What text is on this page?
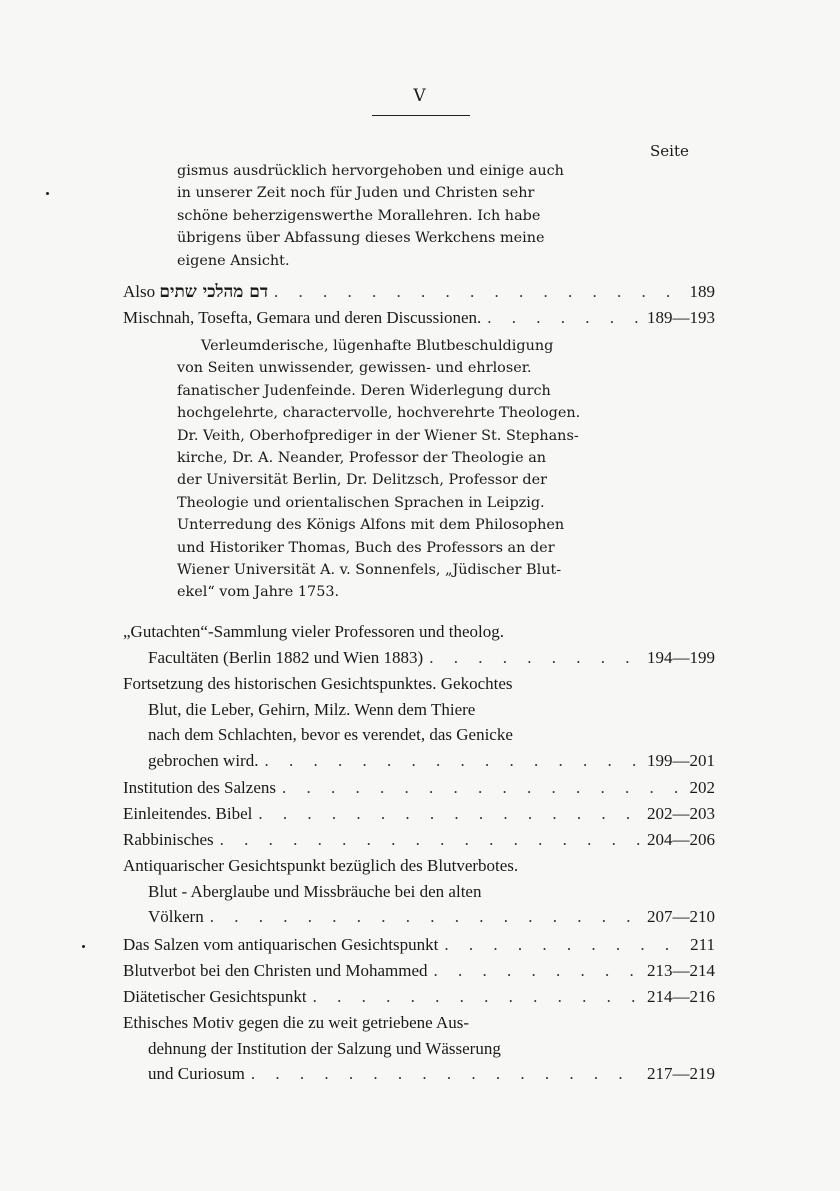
V
Seite
gismus ausdrücklich hervorgehoben und einige auch
in unserer Zeit noch für Juden und Christen sehr
schöne beherzigenswerthe Morallehren. Ich habe
übrigens über Abfassung dieses Werkchens meine
eigene Ansicht.
Also דם מהלכי שתים . . .	189
Mischnah, Tosefta, Gemara und deren Discussionen. . . .	189—193
Verleumderische, lügenhafte Blutbeschuldigung
von Seiten unwissender, gewissen- und ehrloser.
fanatischer Judenfeinde. Deren Widerlegung durch
hochgelehrte, charactervolle, hochverehrte Theologen.
Dr. Veith, Oberhofprediger in der Wiener St. Stephans-
kirche, Dr. A. Neander, Professor der Theologie an
der Universität Berlin, Dr. Delitzsch, Professor der
Theologie und orientalischen Sprachen in Leipzig.
Unterredung des Königs Alfons mit dem Philosophen
und Historiker Thomas, Buch des Professors an der
Wiener Universität A. v. Sonnenfels, „Jüdischer Blut-
ekel“ vom Jahre 1753.
„Gutachten“-Sammlung vieler Professoren und theolog.
Facultäten (Berlin 1882 und Wien 1883) . . .	194—199
Fortsetzung des historischen Gesichtspunktes. Gekochtes
Blut, die Leber, Gehirn, Milz. Wenn dem Thiere
nach dem Schlachten, bevor es verendet, das Genicke
gebrochen wird. . . .	199—201
Institution des Salzens . . .	202
Einleitendes. Bibel . . .	202—203
Rabbinisches . . .	204—206
Antiquarischer Gesichtspunkt bezüglich des Blutverbotes.
Blut - Aberglaube und Missbräuche bei den alten
Völkern . . .	207—210
Das Salzen vom antiquarischen Gesichtspunkt . . .	211
Blutverbot bei den Christen und Mohammed . . .	213—214
Diätetischer Gesichtspunkt . . .	214—216
Ethisches Motiv gegen die zu weit getriebene Aus-
dehnung der Institution der Salzung und Wässerung
und Curiosum . . .	217—219
